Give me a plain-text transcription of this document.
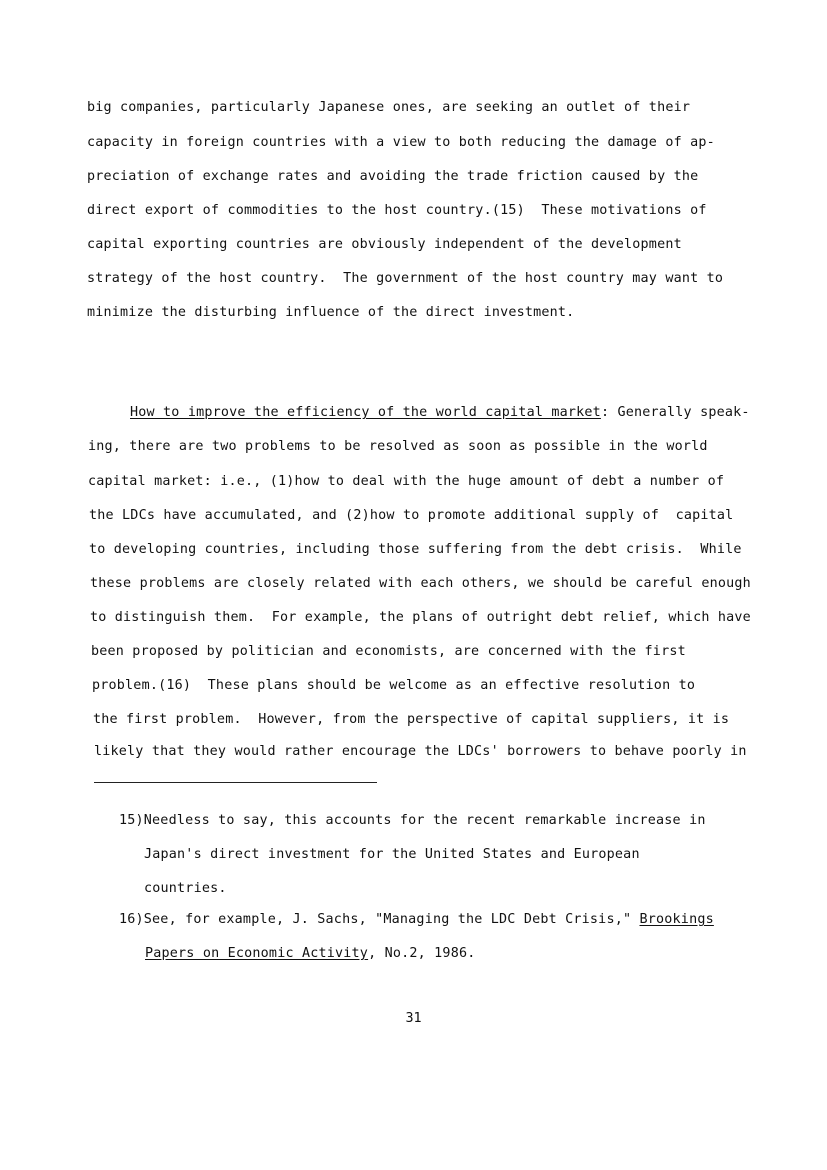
big companies, particularly Japanese ones, are seeking an outlet of their
capacity in foreign countries with a view to both reducing the damage of ap-
preciation of exchange rates and avoiding the trade friction caused by the
direct export of commodities to the host country.(15)  These motivations of
capital exporting countries are obviously independent of the development
strategy of the host country.  The government of the host country may want to
minimize the disturbing influence of the direct investment.
How to improve the efficiency of the world capital market: Generally speak-
ing, there are two problems to be resolved as soon as possible in the world
capital market: i.e., (1)how to deal with the huge amount of debt a number of
the LDCs have accumulated, and (2)how to promote additional supply of  capital
to developing countries, including those suffering from the debt crisis.  While
these problems are closely related with each others, we should be careful enough
to distinguish them.  For example, the plans of outright debt relief, which have
been proposed by politician and economists, are concerned with the first
problem.(16)  These plans should be welcome as an effective resolution to
the first problem.  However, from the perspective of capital suppliers, it is
likely that they would rather encourage the LDCs' borrowers to behave poorly in
15)Needless to say, this accounts for the recent remarkable increase in
Japan's direct investment for the United States and European
countries.
16)See, for example, J. Sachs, "Managing the LDC Debt Crisis," Brookings
Papers on Economic Activity, No.2, 1986.
31
